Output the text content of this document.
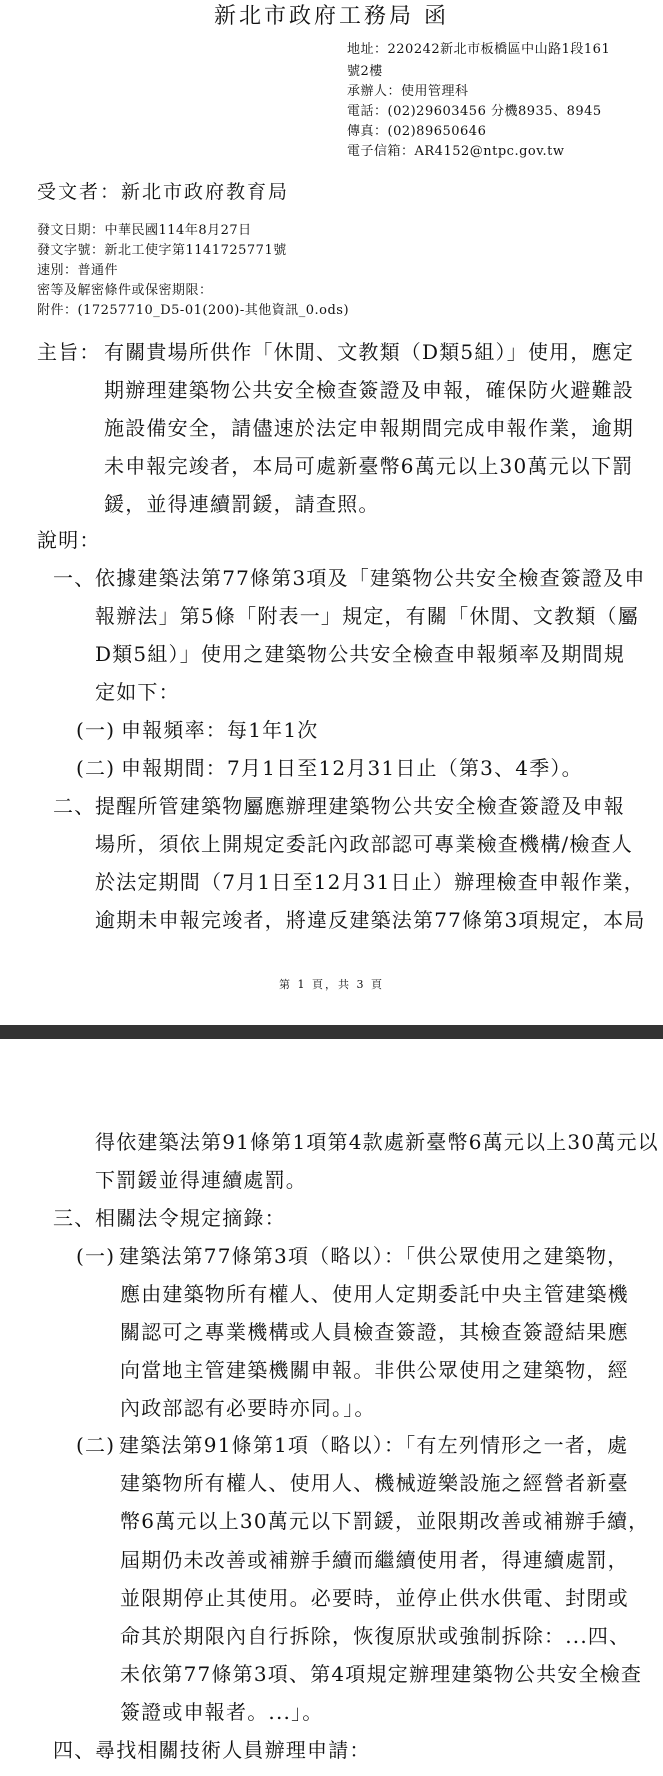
新北市政府工務局 函
地址：220242新北市板橋區中山路1段161
號2樓
承辦人：使用管理科
電話：(02)29603456 分機8935、8945
傳真：(02)89650646
電子信箱：AR4152@ntpc.gov.tw
受文者：新北市政府教育局
發文日期：中華民國114年8月27日
發文字號：新北工使字第1141725771號
速別：普通件
密等及解密條件或保密期限：
附件：(17257710_D5-01(200)-其他資訊_0.ods)
主旨： 有關貴場所供作「休閒、文教類（D類5組）」使用，應定
期辦理建築物公共安全檢查簽證及申報，確保防火避難設
施設備安全，請儘速於法定申報期間完成申報作業，逾期
未申報完竣者，本局可處新臺幣6萬元以上30萬元以下罰
鍰，並得連續罰鍰，請查照。
說明：
一、 依據建築法第77條第3項及「建築物公共安全檢查簽證及申
報辦法」第5條「附表一」規定，有關「休閒、文教類（屬
D類5組）」使用之建築物公共安全檢查申報頻率及期間規
定如下：
(一) 申報頻率：每1年1次
(二) 申報期間：7月1日至12月31日止（第3、4季）。
二、 提醒所管建築物屬應辦理建築物公共安全檢查簽證及申報
場所，須依上開規定委託內政部認可專業檢查機構/檢查人
於法定期間（7月1日至12月31日止）辦理檢查申報作業，
逾期未申報完竣者，將違反建築法第77條第3項規定，本局
第 1 頁，共 3 頁
得依建築法第91條第1項第4款處新臺幣6萬元以上30萬元以
下罰鍰並得連續處罰。
三、 相關法令規定摘錄：
(一) 建築法第77條第3項（略以）：「供公眾使用之建築物，
應由建築物所有權人、使用人定期委託中央主管建築機
關認可之專業機構或人員檢查簽證，其檢查簽證結果應
向當地主管建築機關申報。非供公眾使用之建築物，經
內政部認有必要時亦同。」。
(二) 建築法第91條第1項（略以）：「有左列情形之一者，處
建築物所有權人、使用人、機械遊樂設施之經營者新臺
幣6萬元以上30萬元以下罰鍰，並限期改善或補辦手續，
屆期仍未改善或補辦手續而繼續使用者，得連續處罰，
並限期停止其使用。必要時，並停止供水供電、封閉或
命其於期限內自行拆除，恢復原狀或強制拆除：...四、
未依第77條第3項、第4項規定辦理建築物公共安全檢查
簽證或申報者。...」。
四、 尋找相關技術人員辦理申請：
